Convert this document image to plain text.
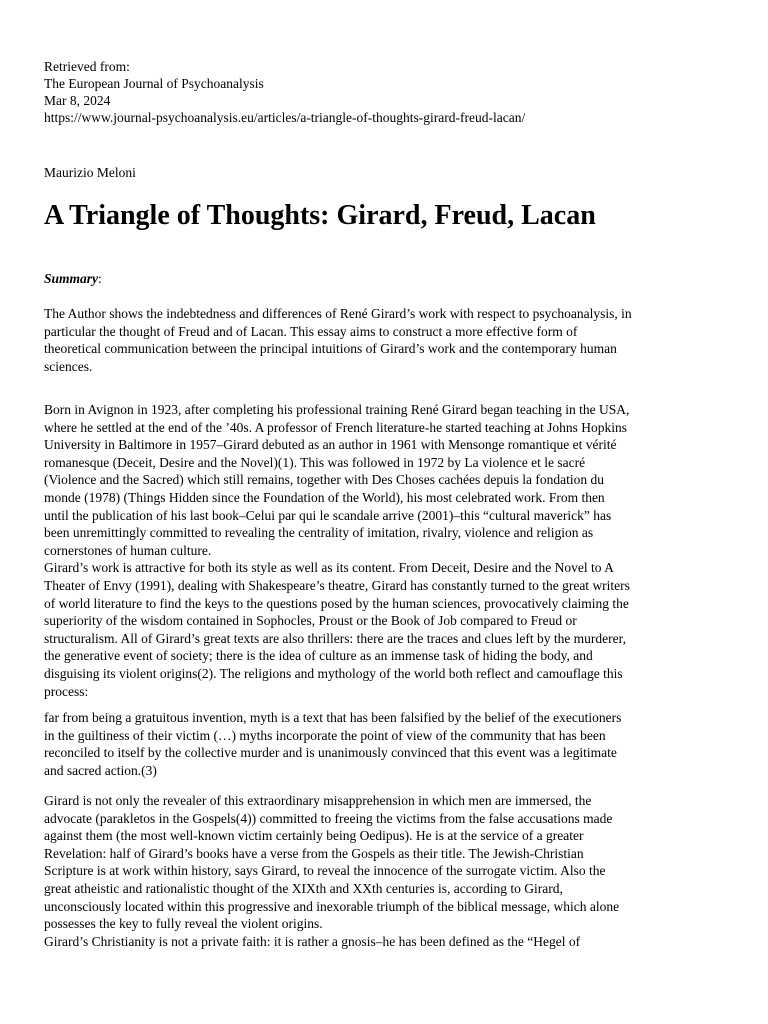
Retrieved from:

The European Journal of Psychoanalysis

Mar 8, 2024

https://www.journal-psychoanalysis.eu/articles/a-triangle-of-thoughts-girard-freud-lacan/

Maurizio Meloni

A Triangle of Thoughts: Girard, Freud, Lacan

Summary:

The Author shows the indebtedness and differences of René Girard’s work with respect to psychoanalysis, in
particular the thought of Freud and of Lacan. This essay aims to construct a more effective form of
theoretical communication between the principal intuitions of Girard’s work and the contemporary human
sciences.

Born in Avignon in 1923, after completing his professional training René Girard began teaching in the USA,
where he settled at the end of the ’40s. A professor of French literature-he started teaching at Johns Hopkins
University in Baltimore in 1957–Girard debuted as an author in 1961 with Mensonge romantique et vérité
romanesque (Deceit, Desire and the Novel)(1). This was followed in 1972 by La violence et le sacré
(Violence and the Sacred) which still remains, together with Des Choses cachées depuis la fondation du
monde (1978) (Things Hidden since the Foundation of the World), his most celebrated work. From then
until the publication of his last book–Celui par qui le scandale arrive (2001)–this “cultural maverick” has
been unremittingly committed to revealing the centrality of imitation, rivalry, violence and religion as
cornerstones of human culture.
Girard’s work is attractive for both its style as well as its content. From Deceit, Desire and the Novel to A
Theater of Envy (1991), dealing with Shakespeare’s theatre, Girard has constantly turned to the great writers
of world literature to find the keys to the questions posed by the human sciences, provocatively claiming the
superiority of the wisdom contained in Sophocles, Proust or the Book of Job compared to Freud or
structuralism. All of Girard’s great texts are also thrillers: there are the traces and clues left by the murderer,
the generative event of society; there is the idea of culture as an immense task of hiding the body, and
disguising its violent origins(2). The religions and mythology of the world both reflect and camouflage this
process:

far from being a gratuitous invention, myth is a text that has been falsified by the belief of the executioners
in the guiltiness of their victim (…) myths incorporate the point of view of the community that has been
reconciled to itself by the collective murder and is unanimously convinced that this event was a legitimate
and sacred action.(3)

Girard is not only the revealer of this extraordinary misapprehension in which men are immersed, the
advocate (parakletos in the Gospels(4)) committed to freeing the victims from the false accusations made
against them (the most well-known victim certainly being Oedipus). He is at the service of a greater
Revelation: half of Girard’s books have a verse from the Gospels as their title. The Jewish-Christian
Scripture is at work within history, says Girard, to reveal the innocence of the surrogate victim. Also the
great atheistic and rationalistic thought of the XIXth and XXth centuries is, according to Girard,
unconsciously located within this progressive and inexorable triumph of the biblical message, which alone
possesses the key to fully reveal the violent origins.
Girard’s Christianity is not a private faith: it is rather a gnosis–he has been defined as the “Hegel of
